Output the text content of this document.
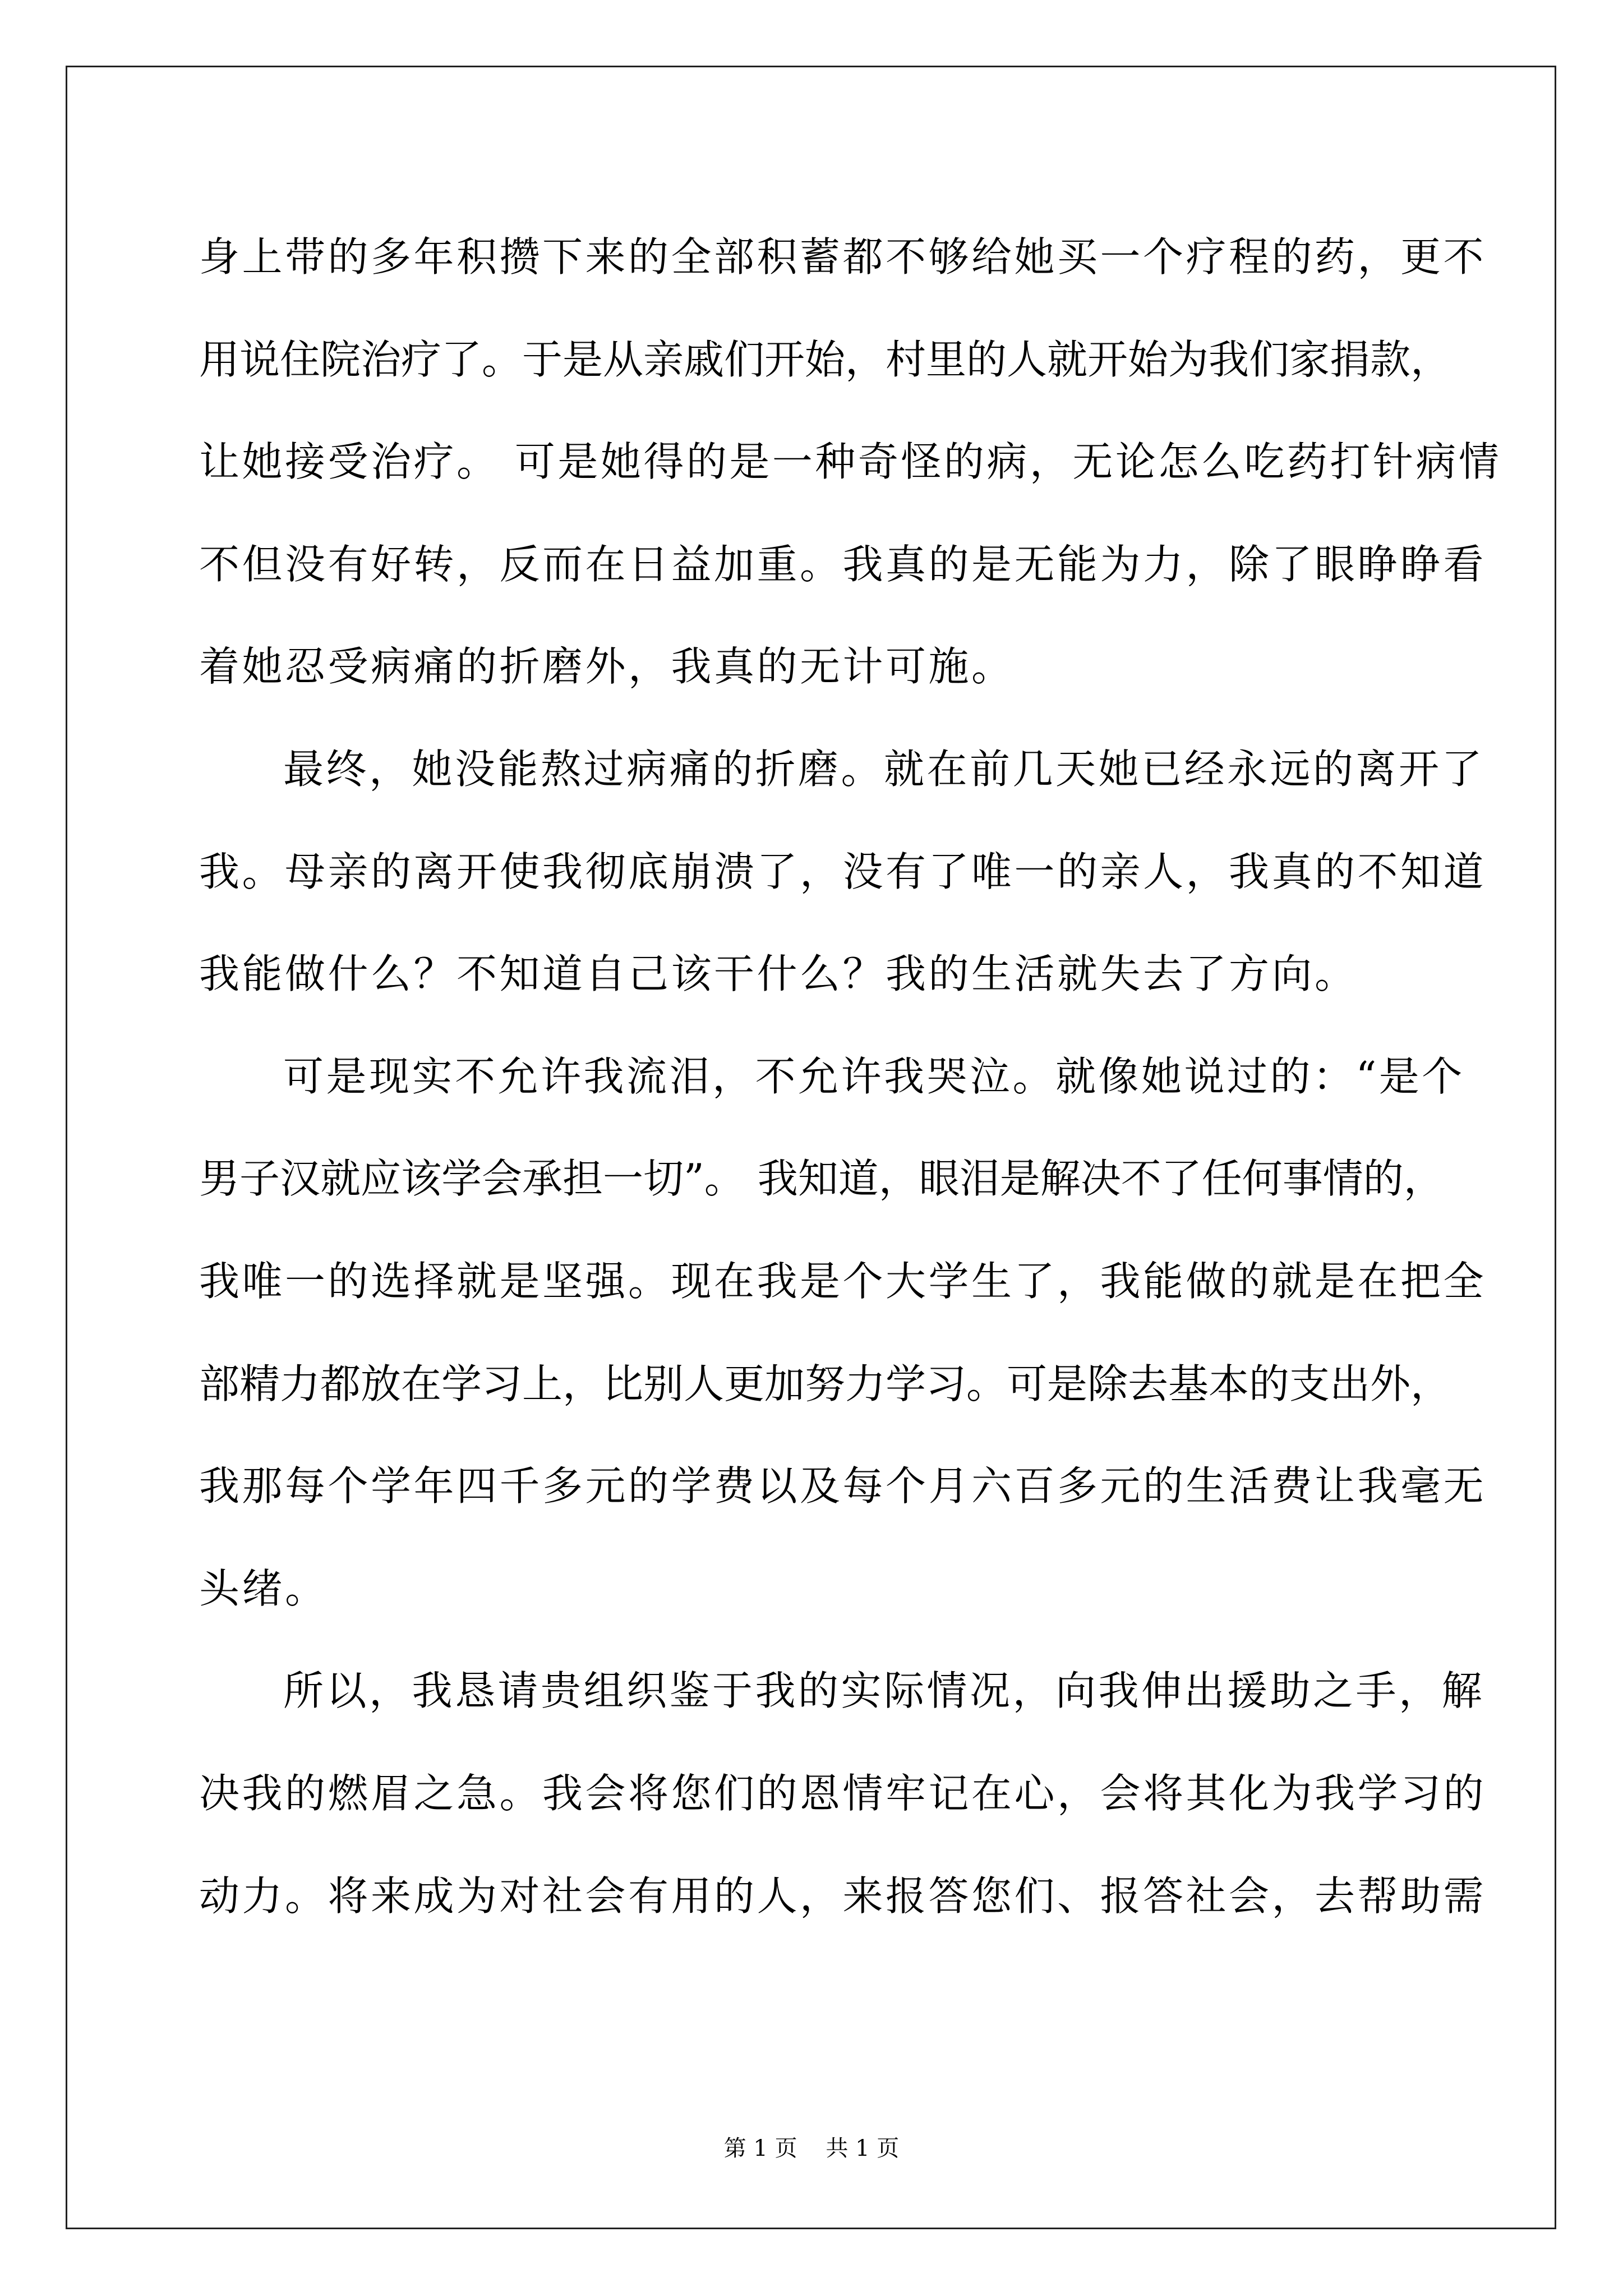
身上带的多年积攒下来的全部积蓄都不够给她买一个疗程的药，更不
用说住院治疗了。于是从亲戚们开始，村里的人就开始为我们家捐款，
让她接受治疗。 可是她得的是一种奇怪的病，无论怎么吃药打针病情
不但没有好转，反而在日益加重。我真的是无能为力，除了眼睁睁看
着她忍受病痛的折磨外，我真的无计可施。
最终，她没能熬过病痛的折磨。就在前几天她已经永远的离开了
我。母亲的离开使我彻底崩溃了，没有了唯一的亲人，我真的不知道
我能做什么？不知道自己该干什么？我的生活就失去了方向。
可是现实不允许我流泪，不允许我哭泣。就像她说过的：“是个
男子汉就应该学会承担一切”。 我知道，眼泪是解决不了任何事情的，
我唯一的选择就是坚强。现在我是个大学生了，我能做的就是在把全
部精力都放在学习上，比别人更加努力学习。可是除去基本的支出外，
我那每个学年四千多元的学费以及每个月六百多元的生活费让我毫无
头绪。
所以，我恳请贵组织鉴于我的实际情况，向我伸出援助之手，解
决我的燃眉之急。我会将您们的恩情牢记在心，会将其化为我学习的
动力。将来成为对社会有用的人，来报答您们、报答社会，去帮助需
第 1 页    共 1 页
